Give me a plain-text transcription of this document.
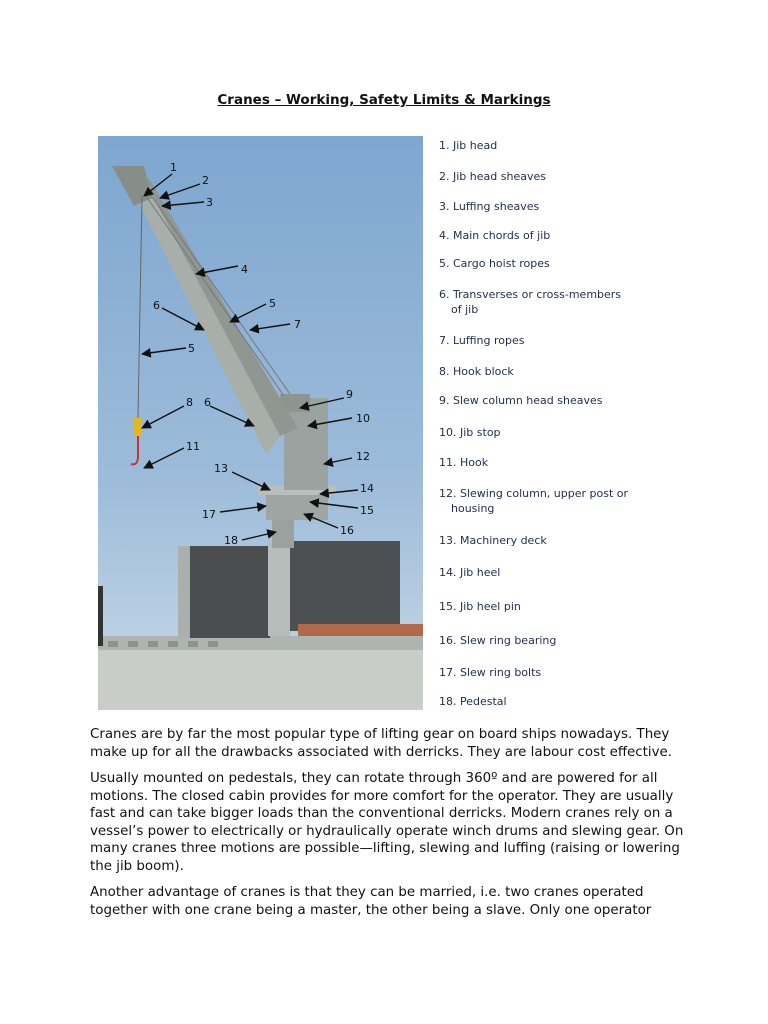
Cranes – Working, Safety Limits & Markings
1
2
3
4
6	5
5
7
6
8
9
10
11
12
13
14
15
16
17
18
1. Jib head
2. Jib head sheaves
3. Luffing sheaves
4. Main chords of jib
5. Cargo hoist ropes
6. Transverses or cross-members
of jib
7. Luffing ropes
8. Hook block
9. Slew column head sheaves
10. Jib stop
11. Hook
12. Slewing column, upper post or
housing
13. Machinery deck
14. Jib heel
15. Jib heel pin
16. Slew ring bearing
17. Slew ring bolts
18. Pedestal

Cranes are by far the most popular type of lifting gear on board ships nowadays. They make up for all the drawbacks associated with derricks. They are labour cost effective.

Usually mounted on pedestals, they can rotate through 360º and are powered for all motions. The closed cabin provides for more comfort for the operator. They are usually fast and can take bigger loads than the conventional derricks. Modern cranes rely on a vessel’s power to electrically or hydraulically operate winch drums and slewing gear. On many cranes three motions are possible—lifting, slewing and luffing (raising or lowering the jib boom).

Another advantage of cranes is that they can be married, i.e. two cranes operated together with one crane being a master, the other being a slave. Only one operator
